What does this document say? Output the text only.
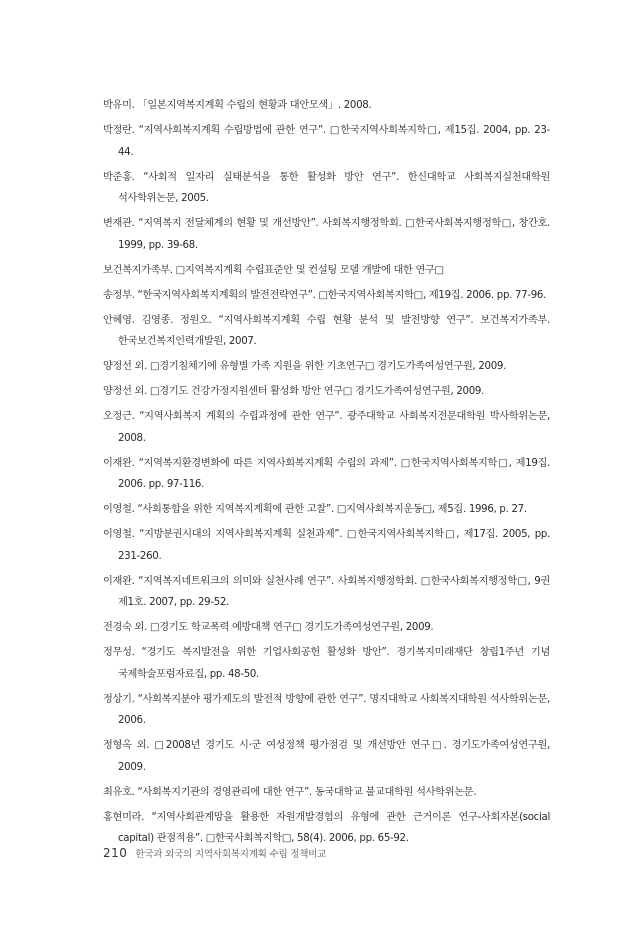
박유미. 「일본지역복지계획 수립의 현황과 대안모색」. 2008.

박정란. “지역사회복지계획 수립방법에 관한 연구”. □한국지역사회복지학□, 제15집. 2004, pp. 23-44.

박준홍. “사회적 일자리 실태분석을 통한 활성화 방안 연구”. 한신대학교 사회복지실천대학원 석사학위논문, 2005.

변재관. “지역복지 전달체계의 현황 및 개선방안”. 사회복지행정학회. □한국사회복지행정학□, 창간호. 1999, pp. 39-68.

보건복지가족부. □지역복지계획 수립표준안 및 컨설팅 모델 개발에 대한 연구□

송정부. “한국지역사회복지계획의 발전전략연구”. □한국지역사회복지학□, 제19집. 2006. pp. 77-96.

안혜영. 김영종. 정원오. “지역사회복지계획 수립 현황 분석 및 발전방향 연구”. 보건복지가족부. 한국보건복지인력개발원, 2007.

양정선 외. □경기침체기에 유형별 가족 지원을 위한 기초연구□ 경기도가족여성연구원, 2009.

양정선 외. □경기도 건강가정지원센터 활성화 방안 연구□ 경기도가족여성연구원, 2009.

오정근. “지역사회복지 계획의 수립과정에 관한 연구”. 광주대학교 사회복지전문대학원 박사학위논문, 2008.

이재완. “지역복지환경변화에 따른 지역사회복지계획 수립의 과제”. □한국지역사회복지학□, 제19집. 2006. pp. 97-116.

이영철. “사회통합을 위한 지역복지계획에 관한 고찰”. □지역사회복지운동□, 제5집. 1996, p. 27.

이영철. “지방분권시대의 지역사회복지계획 실천과제”. □한국지역사회복지학□, 제17집. 2005, pp. 231-260.

이재완. “지역복지네트워크의 의미와 실천사례 연구”. 사회복지행정학회. □한국사회복지행정학□, 9권 제1호. 2007, pp. 29-52.

전경숙 외. □경기도 학교폭력 예방대책 연구□ 경기도가족여성연구원, 2009.

정무성. “경기도 복지발전을 위한 기업사회공헌 활성화 방안”. 경기복지미래재단 창립1주년 기념 국제학술포럼자료집, pp. 48-50.

정상기. “사회복지분야 평가제도의 발전적 방향에 관한 연구”. 명지대학교 사회복지대학원 석사학위논문, 2006.

정형옥 외. □2008년 경기도 시·군 여성정책 평가점검 및 개선방안 연구□. 경기도가족여성연구원, 2009.

최유호. “사회복지기관의 경영관리에 대한 연구”. 동국대학교 불교대학원 석사학위논문.

홍현미라. “지역사회관계망을 활용한 자원개발경험의 유형에 관한 근거이론 연구-사회자본(social capital) 관점적용”. □한국사회복지학□, 58(4). 2006, pp. 65-92.

210 한국과 외국의 지역사회복지계획 수립 정책비교
